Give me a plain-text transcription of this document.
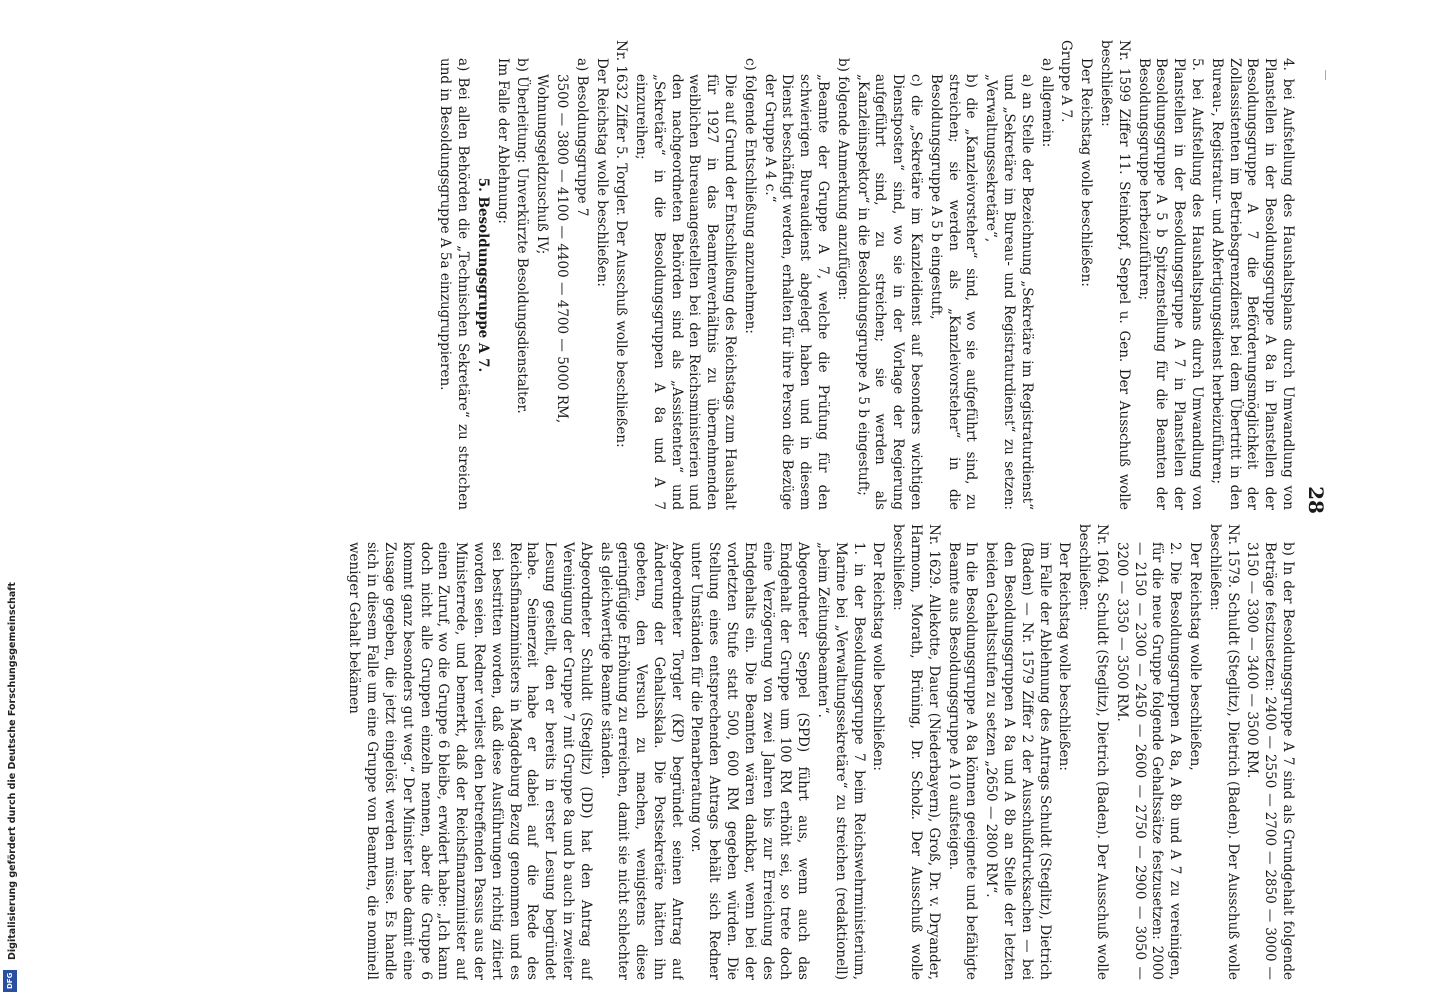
28

4. bei Aufstellung des Haushaltsplans durch Umwandlung von Planstellen in der Besoldungsgruppe A 8a in Planstellen der Besoldungsgruppe A 7 die Beförderungsmöglichkeit der Zollassistenten im Betriebsgrenzdienst bei dem Übertritt in den Bureau-, Registratur- und Abfertigungsdienst herbeizuführen;

5. bei Aufstellung des Haushaltsplans durch Umwandlung von Planstellen in der Besoldungsgruppe A 7 in Planstellen der Besoldungsgruppe A 5 b Spitzenstellung für die Beamten der Besoldungsgruppe herbeizuführen;

Nr. 1599 Ziffer 11. Steinkopf, Seppel u. Gen. Der Ausschuß wolle beschließen:

Der Reichstag wolle beschließen:

Gruppe A 7.

a) allgemein:

a) an Stelle der Bezeichnung „Sekretäre im Registraturdienst“ und „Sekretäre im Bureau- und Registraturdienst“ zu setzen: „Verwaltungssekretäre“,

b) die „Kanzleivorsteher“ sind, wo sie aufgeführt sind, zu streichen; sie werden als „Kanzleivorsteher“ in die Besoldungsgruppe A 5 b eingestuft,

c) die „Sekretäre im Kanzleidienst auf besonders wichtigen Dienstposten“ sind, wo sie in der Vorlage der Regierung aufgeführt sind, zu streichen; sie werden als „Kanzleiinspektor“ in die Besoldungsgruppe A 5 b eingestuft;

b) folgende Anmerkung anzufügen:

„Beamte der Gruppe A 7, welche die Prüfung für den schwierigen Bureaudienst abgelegt haben und in diesem Dienst beschäftigt werden, erhalten für ihre Person die Bezüge der Gruppe A 4 c.“

c) folgende Entschließung anzunehmen:

Die auf Grund der Entschließung des Reichstags zum Haushalt für 1927 in das Beamtenverhältnis zu übernehmenden weiblichen Bureauangestellten bei den Reichsministerien und den nachgeordneten Behörden sind als „Assistenten“ und „Sekretäre“ in die Besoldungsgruppen A 8a und A 7 einzureihen;

Nr. 1632 Ziffer 5. Torgler. Der Ausschuß wolle beschließen:

Der Reichstag wolle beschließen:

a) Besoldungsgruppe 7

3500 — 3800 — 4100 — 4400 — 4700 — 5000 RM,

Wohnungsgeldzuschuß IV;

b) Überleitung: Unverkürzte Besoldungsdienstalter.

Im Falle der Ablehnung:

5. Besoldungsgruppe A 7.

a) Bei allen Behörden die „Technischen Sekretäre“ zu streichen und in Besoldungsgruppe A 5a einzugruppieren.

b) In der Besoldungsgruppe A 7 sind als Grundgehalt folgende Beträge festzusetzen: 2400 — 2550 — 2700 — 2850 — 3000 — 3150 — 3300 — 3400 — 3500 RM.

Nr. 1579. Schuldt (Steglitz), Dietrich (Baden). Der Ausschuß wolle beschließen:

Der Reichstag wolle beschließen,

2. Die Besoldungsgruppen A 8a, A 8b und A 7 zu vereinigen, für die neue Gruppe folgende Gehaltssätze festzusetzen: 2000 — 2150 — 2300 — 2450 — 2600 — 2750 — 2900 — 3050 — 3200 — 3350 — 3500 RM.

Nr. 1604. Schuldt (Steglitz), Dietrich (Baden). Der Ausschuß wolle beschließen:

Der Reichstag wolle beschließen:

im Falle der Ablehnung des Antrags Schuldt (Steglitz), Dietrich (Baden) — Nr. 1579 Ziffer 2 der Ausschußdrucksachen — bei den Besoldungsgruppen A 8a und A 8b an Stelle der letzten beiden Gehaltsstufen zu setzen „2650 — 2800 RM“.

In die Besoldungsgruppe A 8a können geeignete und befähigte Beamte aus Besoldungsgruppe A 10 aufsteigen.

Nr. 1629. Allekotte, Dauer (Niederbayern), Groß, Dr. v. Dryander, Harmonn, Morath, Brüning, Dr. Scholz. Der Ausschuß wolle beschließen:

Der Reichstag wolle beschließen:

1. in der Besoldungsgruppe 7 beim Reichswehrministerium, Marine bei „Verwaltungssekretäre“ zu streichen (redaktionell) „beim Zeitungsbeamten“.

Abgeordneter Seppel (SPD) führt aus, wenn auch das Endgehalt der Gruppe um 100 RM erhöht sei, so trete doch eine Verzögerung von zwei Jahren bis zur Erreichung des Endgehalts ein. Die Beamten wären dankbar, wenn bei der vorletzten Stufe statt 500, 600 RM gegeben würden. Die Stellung eines entsprechenden Antrags behält sich Redner unter Umständen für die Plenarberatung vor.

Abgeordneter Torgler (KP) begründet seinen Antrag auf Änderung der Gehaltsskala. Die Postsekretäre hätten ihn gebeten, den Versuch zu machen, wenigstens diese geringfügige Erhöhung zu erreichen, damit sie nicht schlechter als gleichwertige Beamte ständen.

Abgeordneter Schuldt (Steglitz) (DD) hat den Antrag auf Vereinigung der Gruppe 7 mit Gruppe 8a und b auch in zweiter Lesung gestellt, den er bereits in erster Lesung begründet habe. Seinerzeit habe er dabei auf die Rede des Reichsfinanzministers in Magdeburg Bezug genommen und es sei bestritten worden, daß diese Ausführungen richtig zitiert worden seien. Redner verliest den betreffenden Passus aus der Ministerrede, und bemerkt, daß der Reichsfinanzminister auf einen Zuruf, wo die Gruppe 6 bleibe, erwidert habe: „Ich kann doch nicht alle Gruppen einzeln nennen, aber die Gruppe 6 kommt ganz besonders gut weg.“ Der Minister habe damit eine Zusage gegeben, die jetzt eingelöst werden müsse. Es handle sich in diesem Falle um eine Gruppe von Beamten, die nominell weniger Gehalt bekämen

Digitalisierung gefördert durch die Deutsche Forschungsgemeinschaft
DFG
